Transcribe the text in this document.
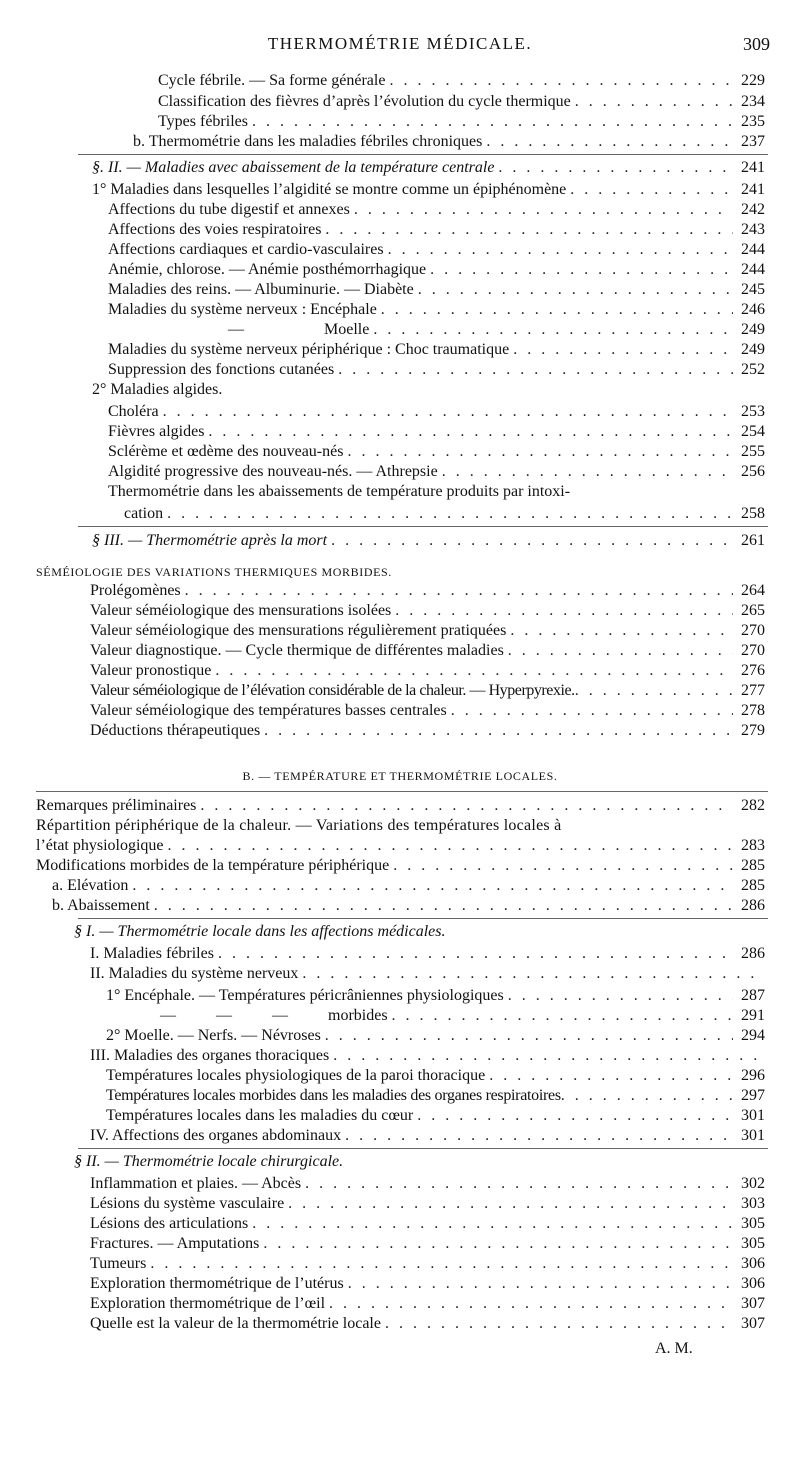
THERMOMÉTRIE MÉDICALE.	309
Cycle fébrile. — Sa forme générale . . .	229
Classification des fièvres d’après l’évolution du cycle thermique . . .	234
Types fébriles . . .	235
b. Thermométrie dans les maladies fébriles chroniques . . .	237
§. II. — Maladies avec abaissement de la température centrale . . .	241
1° Maladies dans lesquelles l’algidité se montre comme un épiphénomène . . .	241
Affections du tube digestif et annexes . . .	242
Affections des voies respiratoires . . .	243
Affections cardiaques et cardio-vasculaires . . .	244
Anémie, chlorose. — Anémie posthémorrhagique . . .	244
Maladies des reins. — Albuminurie. — Diabète . . .	245
Maladies du système nerveux : Encéphale . . .	246
—                    Moelle . . .	249
Maladies du système nerveux périphérique : Choc traumatique . . .	249
Suppression des fonctions cutanées . . .	252
2° Maladies algides.
Choléra . . .	253
Fièvres algides . . .	254
Sclérème et œdème des nouveau-nés . . .	255
Algidité progressive des nouveau-nés. — Athrepsie . . .	256
Thermométrie dans les abaissements de température produits par intoxi-
cation . . .	258
§ III. — Thermométrie après la mort . . .	261
SÉMÉIOLOGIE DES VARIATIONS THERMIQUES MORBIDES.
Prolégomènes . . .	264
Valeur séméiologique des mensurations isolées . . .	265
Valeur séméiologique des mensurations régulièrement pratiquées . . .	270
Valeur diagnostique. — Cycle thermique de différentes maladies . . .	270
Valeur pronostique . . .	276
Valeur séméiologique de l’élévation considérable de la chaleur. — Hyperpyrexie. . . .	277
Valeur séméiologique des températures basses centrales . . .	278
Déductions thérapeutiques . . .	279
B. — TEMPÉRATURE ET THERMOMÉTRIE LOCALES.
Remarques préliminaires . . .	282
Répartition périphérique de la chaleur. — Variations des températures locales à
l’état physiologique . . .	283
Modifications morbides de la température périphérique . . .	285
a. Elévation . . .	285
b. Abaissement . . .	286
§ I. — Thermométrie locale dans les affections médicales.
I. Maladies fébriles . . .	286
II. Maladies du système nerveux
. . .
1° Encéphale. — Températures péricrâniennes physiologiques . . .	287
—          —          —          morbides . . .	291
2° Moelle. — Nerfs. — Névroses . . .	294
III. Maladies des organes thoraciques
. . .
Températures locales physiologiques de la paroi thoracique . . .	296
Températures locales morbides dans les maladies des organes respiratoires . . .	297
Températures locales dans les maladies du cœur . . .	301
IV. Affections des organes abdominaux . . .	301
§ II. — Thermométrie locale chirurgicale.
Inflammation et plaies. — Abcès . . .	302
Lésions du système vasculaire . . .	303
Lésions des articulations . . .	305
Fractures. — Amputations . . .	305
Tumeurs . . .	306
Exploration thermométrique de l’utérus . . .	306
Exploration thermométrique de l’œil . . .	307
Quelle est la valeur de la thermométrie locale . . .	307
A. M.
